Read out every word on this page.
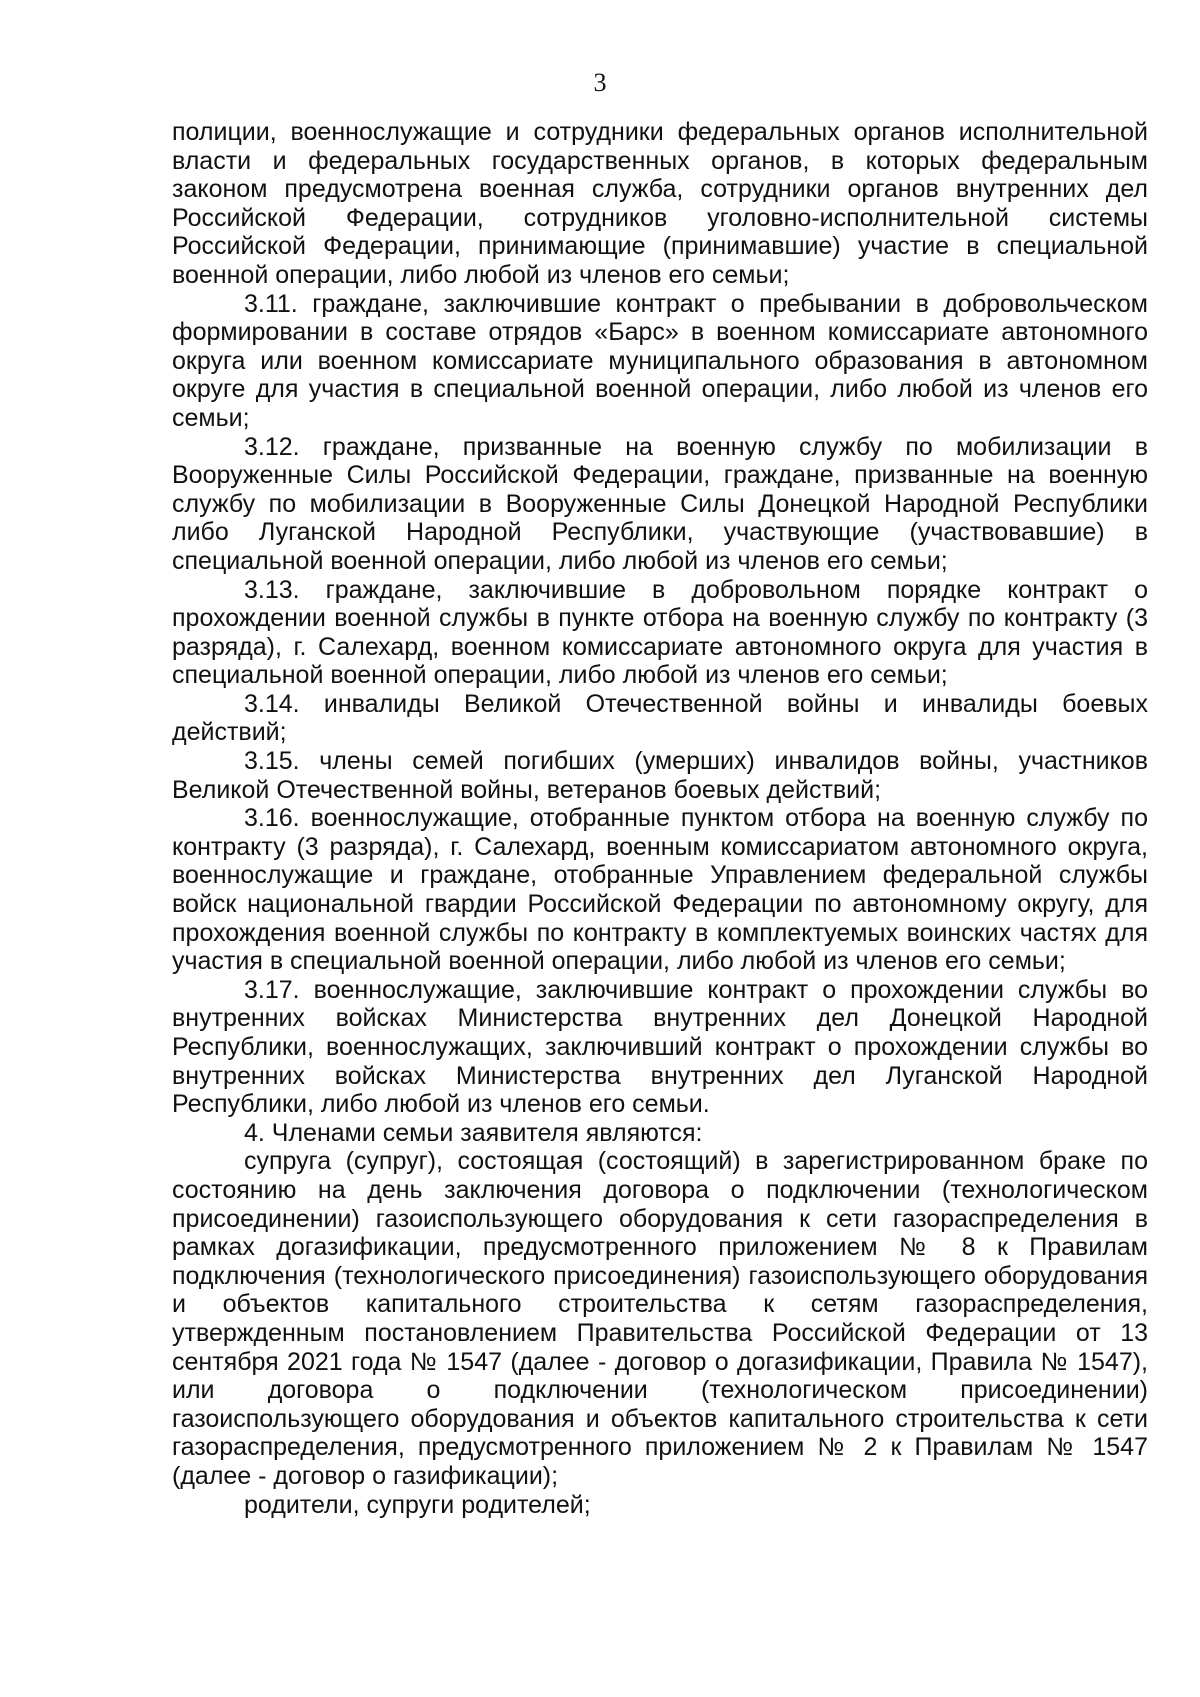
3

полиции, военнослужащие и сотрудники федеральных органов исполнительной власти и федеральных государственных органов, в которых федеральным законом предусмотрена военная служба, сотрудники органов внутренних дел Российской Федерации, сотрудников уголовно-исполнительной системы Российской Федерации, принимающие (принимавшие) участие в специальной военной операции, либо любой из членов его семьи;

3.11. граждане, заключившие контракт о пребывании в добровольческом формировании в составе отрядов «Барс» в военном комиссариате автономного округа или военном комиссариате муниципального образования в автономном округе для участия в специальной военной операции, либо любой из членов его семьи;

3.12. граждане, призванные на военную службу по мобилизации в Вооруженные Силы Российской Федерации, граждане, призванные на военную службу по мобилизации в Вооруженные Силы Донецкой Народной Республики либо Луганской Народной Республики, участвующие (участвовавшие) в специальной военной операции, либо любой из членов его семьи;

3.13. граждане, заключившие в добровольном порядке контракт о прохождении военной службы в пункте отбора на военную службу по контракту (3 разряда), г. Салехард, военном комиссариате автономного округа для участия в специальной военной операции, либо любой из членов его семьи;

3.14. инвалиды Великой Отечественной войны и инвалиды боевых действий;

3.15. члены семей погибших (умерших) инвалидов войны, участников Великой Отечественной войны, ветеранов боевых действий;

3.16. военнослужащие, отобранные пунктом отбора на военную службу по контракту (3 разряда), г. Салехард, военным комиссариатом автономного округа, военнослужащие и граждане, отобранные Управлением федеральной службы войск национальной гвардии Российской Федерации по автономному округу, для прохождения военной службы по контракту в комплектуемых воинских частях для участия в специальной военной операции, либо любой из членов его семьи;

3.17. военнослужащие, заключившие контракт о прохождении службы во внутренних войсках Министерства внутренних дел Донецкой Народной Республики, военнослужащих, заключивший контракт о прохождении службы во внутренних войсках Министерства внутренних дел Луганской Народной Республики, либо любой из членов его семьи.

4. Членами семьи заявителя являются:

супруга (супруг), состоящая (состоящий) в зарегистрированном браке по состоянию на день заключения договора о подключении (технологическом присоединении) газоиспользующего оборудования к сети газораспределения в рамках догазификации, предусмотренного приложением № 8 к Правилам подключения (технологического присоединения) газоиспользующего оборудования и объектов капитального строительства к сетям газораспределения, утвержденным постановлением Правительства Российской Федерации от 13 сентября 2021 года № 1547 (далее - договор о догазификации, Правила № 1547), или договора о подключении (технологическом присоединении) газоиспользующего оборудования и объектов капитального строительства к сети газораспределения, предусмотренного приложением № 2 к Правилам № 1547 (далее - договор о газификации);

родители, супруги родителей;
